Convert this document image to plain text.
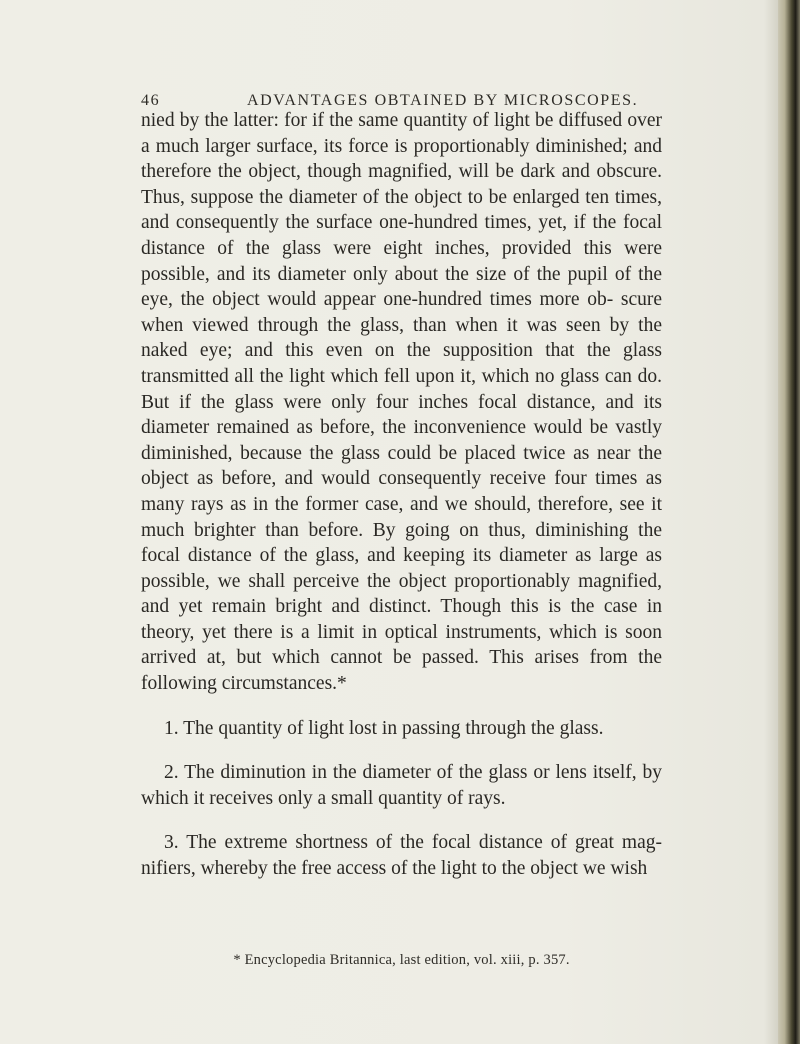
46	ADVANTAGES OBTAINED BY MICROSCOPES.

nied by the latter: for if the same quantity of light be diffused over a much larger surface, its force is proportionably diminished; and therefore the object, though magnified, will be dark and obscure. Thus, suppose the diameter of the object to be enlarged ten times, and consequently the surface one-hundred times, yet, if the focal distance of the glass were eight inches, provided this were possible, and its diameter only about the size of the pupil of the eye, the object would appear one-hundred times more ob- scure when viewed through the glass, than when it was seen by the naked eye; and this even on the supposition that the glass transmitted all the light which fell upon it, which no glass can do. But if the glass were only four inches focal distance, and its diameter remained as before, the inconvenience would be vastly diminished, because the glass could be placed twice as near the object as before, and would consequently receive four times as many rays as in the former case, and we should, therefore, see it much brighter than before. By going on thus, diminishing the focal distance of the glass, and keeping its diameter as large as possible, we shall perceive the object proportionably magnified, and yet remain bright and distinct. Though this is the case in theory, yet there is a limit in optical instruments, which is soon arrived at, but which cannot be passed. This arises from the following circumstances.*

1. The quantity of light lost in passing through the glass.

2. The diminution in the diameter of the glass or lens itself, by which it receives only a small quantity of rays.

3. The extreme shortness of the focal distance of great mag- nifiers, whereby the free access of the light to the object we wish

* Encyclopedia Britannica, last edition, vol. xiii, p. 357.
